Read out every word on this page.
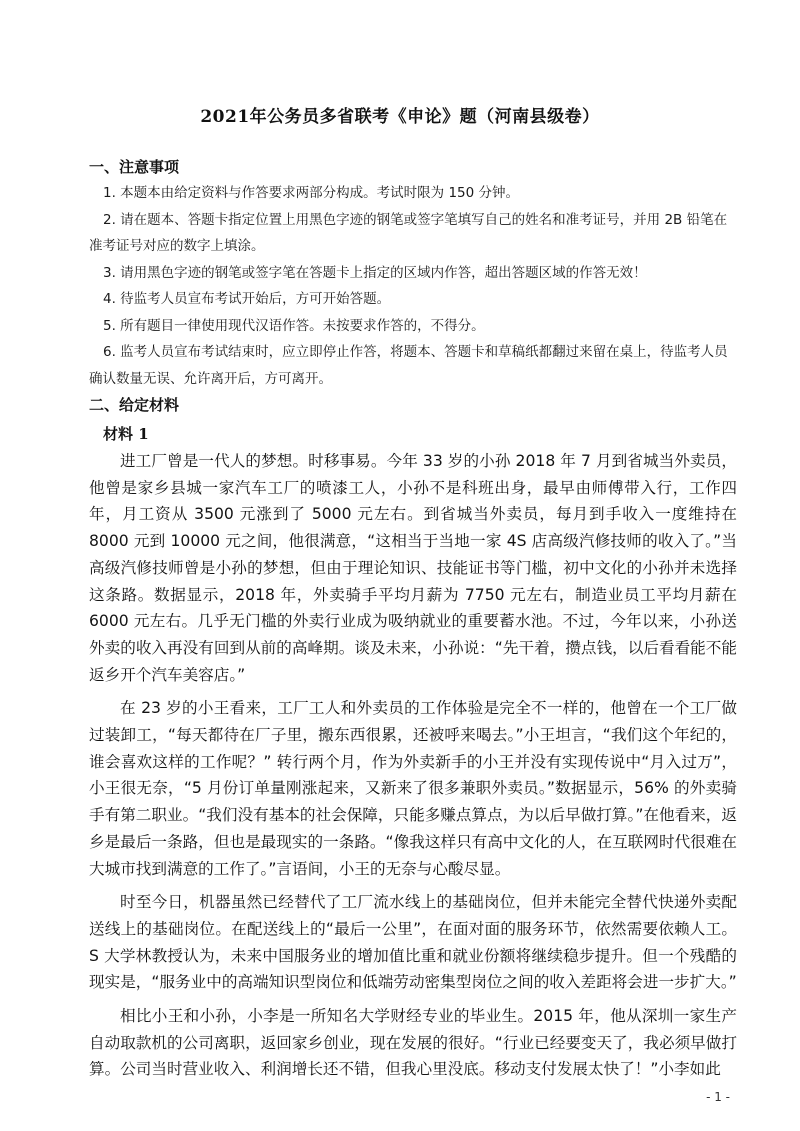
2021年公务员多省联考《申论》题（河南县级卷）
一、注意事项
1. 本题本由给定资料与作答要求两部分构成。考试时限为 150 分钟。
2. 请在题本、答题卡指定位置上用黑色字迹的钢笔或签字笔填写自己的姓名和准考证号，并用 2B 铅笔在准考证号对应的数字上填涂。
3. 请用黑色字迹的钢笔或签字笔在答题卡上指定的区域内作答，超出答题区域的作答无效！
4. 待监考人员宣布考试开始后，方可开始答题。
5. 所有题目一律使用现代汉语作答。未按要求作答的，不得分。
6. 监考人员宣布考试结束时，应立即停止作答，将题本、答题卡和草稿纸都翻过来留在桌上，待监考人员确认数量无误、允许离开后，方可离开。
二、给定材料
材料 1

进工厂曾是一代人的梦想。时移事易。今年 33 岁的小孙 2018 年 7 月到省城当外卖员，他曾是家乡县城一家汽车工厂的喷漆工人，小孙不是科班出身，最早由师傅带入行，工作四年，月工资从 3500 元涨到了 5000 元左右。到省城当外卖员，每月到手收入一度维持在 8000 元到 10000 元之间，他很满意，“这相当于当地一家 4S 店高级汽修技师的收入了。”当高级汽修技师曾是小孙的梦想，但由于理论知识、技能证书等门槛，初中文化的小孙并未选择这条路。数据显示，2018 年，外卖骑手平均月薪为 7750 元左右，制造业员工平均月薪在 6000 元左右。几乎无门槛的外卖行业成为吸纳就业的重要蓄水池。不过，今年以来，小孙送外卖的收入再没有回到从前的高峰期。谈及未来，小孙说：“先干着，攒点钱，以后看看能不能返乡开个汽车美容店。”

在 23 岁的小王看来，工厂工人和外卖员的工作体验是完全不一样的，他曾在一个工厂做过装卸工，“每天都待在厂子里，搬东西很累，还被呼来喝去。”小王坦言，“我们这个年纪的，谁会喜欢这样的工作呢？” 转行两个月，作为外卖新手的小王并没有实现传说中“月入过万”，小王很无奈，“5 月份订单量刚涨起来，又新来了很多兼职外卖员。”数据显示，56% 的外卖骑手有第二职业。“我们没有基本的社会保障，只能多赚点算点，为以后早做打算。”在他看来，返乡是最后一条路，但也是最现实的一条路。“像我这样只有高中文化的人，在互联网时代很难在大城市找到满意的工作了。”言语间，小王的无奈与心酸尽显。

时至今日，机器虽然已经替代了工厂流水线上的基础岗位，但并未能完全替代快递外卖配送线上的基础岗位。在配送线上的“最后一公里”，在面对面的服务环节，依然需要依赖人工。S 大学林教授认为，未来中国服务业的增加值比重和就业份额将继续稳步提升。但一个残酷的现实是，“服务业中的高端知识型岗位和低端劳动密集型岗位之间的收入差距将会进一步扩大。”

相比小王和小孙，小李是一所知名大学财经专业的毕业生。2015 年，他从深圳一家生产自动取款机的公司离职，返回家乡创业，现在发展的很好。“行业已经要变天了，我必须早做打算。公司当时营业收入、利润增长还不错，但我心里没底。移动支付发展太快了！”小李如此

- 1 -
